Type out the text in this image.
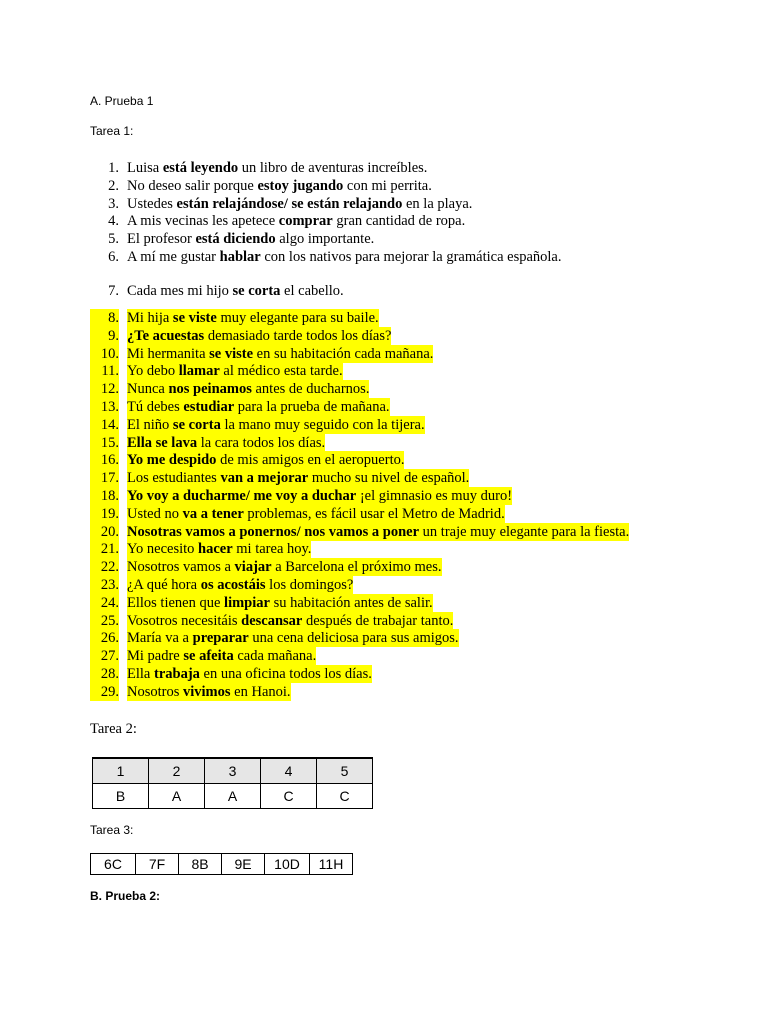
A. Prueba 1
Tarea 1:
1. Luisa está leyendo un libro de aventuras increíbles.
2. No deseo salir porque estoy jugando con mi perrita.
3. Ustedes están relajándose/ se están relajando en la playa.
4. A mis vecinas les apetece comprar gran cantidad de ropa.
5. El profesor está diciendo algo importante.
6. A mí me gustar hablar con los nativos para mejorar la gramática española.
7. Cada mes mi hijo se corta el cabello.
8. Mi hija se viste muy elegante para su baile.
9. ¿Te acuestas demasiado tarde todos los días?
10. Mi hermanita se viste en su habitación cada mañana.
11. Yo debo llamar al médico esta tarde.
12. Nunca nos peinamos antes de ducharnos.
13. Tú debes estudiar para la prueba de mañana.
14. El niño se corta la mano muy seguido con la tijera.
15. Ella se lava la cara todos los días.
16. Yo me despido de mis amigos en el aeropuerto.
17. Los estudiantes van a mejorar mucho su nivel de español.
18. Yo voy a ducharme/ me voy a duchar ¡el gimnasio es muy duro!
19. Usted no va a tener problemas, es fácil usar el Metro de Madrid.
20. Nosotras vamos a ponernos/ nos vamos a poner un traje muy elegante para la fiesta.
21. Yo necesito hacer mi tarea hoy.
22. Nosotros vamos a viajar a Barcelona el próximo mes.
23. ¿A qué hora os acostáis los domingos?
24. Ellos tienen que limpiar su habitación antes de salir.
25. Vosotros necesitáis descansar después de trabajar tanto.
26. María va a preparar una cena deliciosa para sus amigos.
27. Mi padre se afeita cada mañana.
28. Ella trabaja en una oficina todos los días.
29. Nosotros vivimos en Hanoi.
Tarea 2:
1	2	3	4	5
B	A	A	C	C
Tarea 3:
6C	7F	8B	9E	10D	11H
B. Prueba 2:
